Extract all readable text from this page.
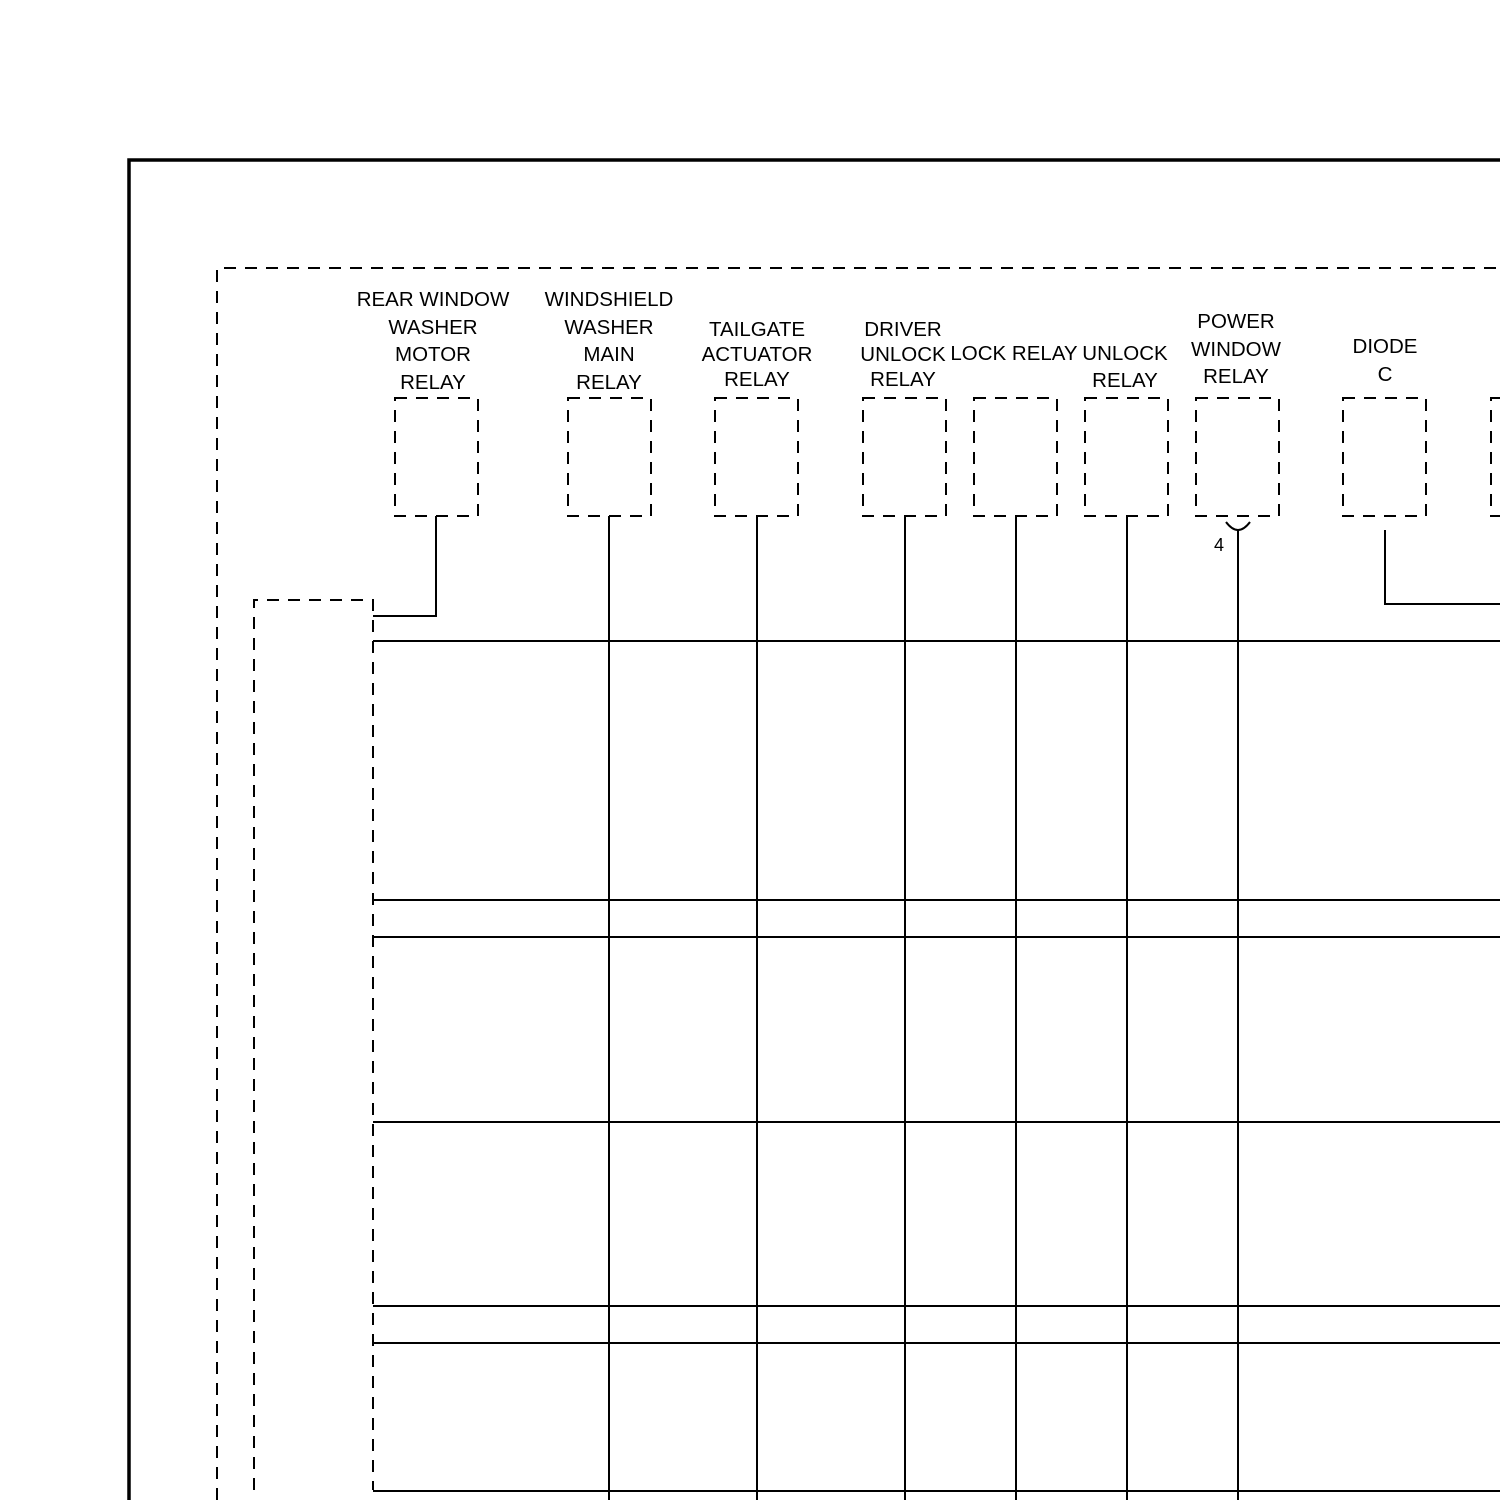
REAR WINDOW
WASHER
MOTOR
RELAY
WINDSHIELD
WASHER
MAIN
RELAY
TAILGATE
ACTUATOR
RELAY
DRIVER
UNLOCK
RELAY
LOCK RELAY UNLOCK
RELAY
POWER
WINDOW
RELAY
DIODE
C
4
